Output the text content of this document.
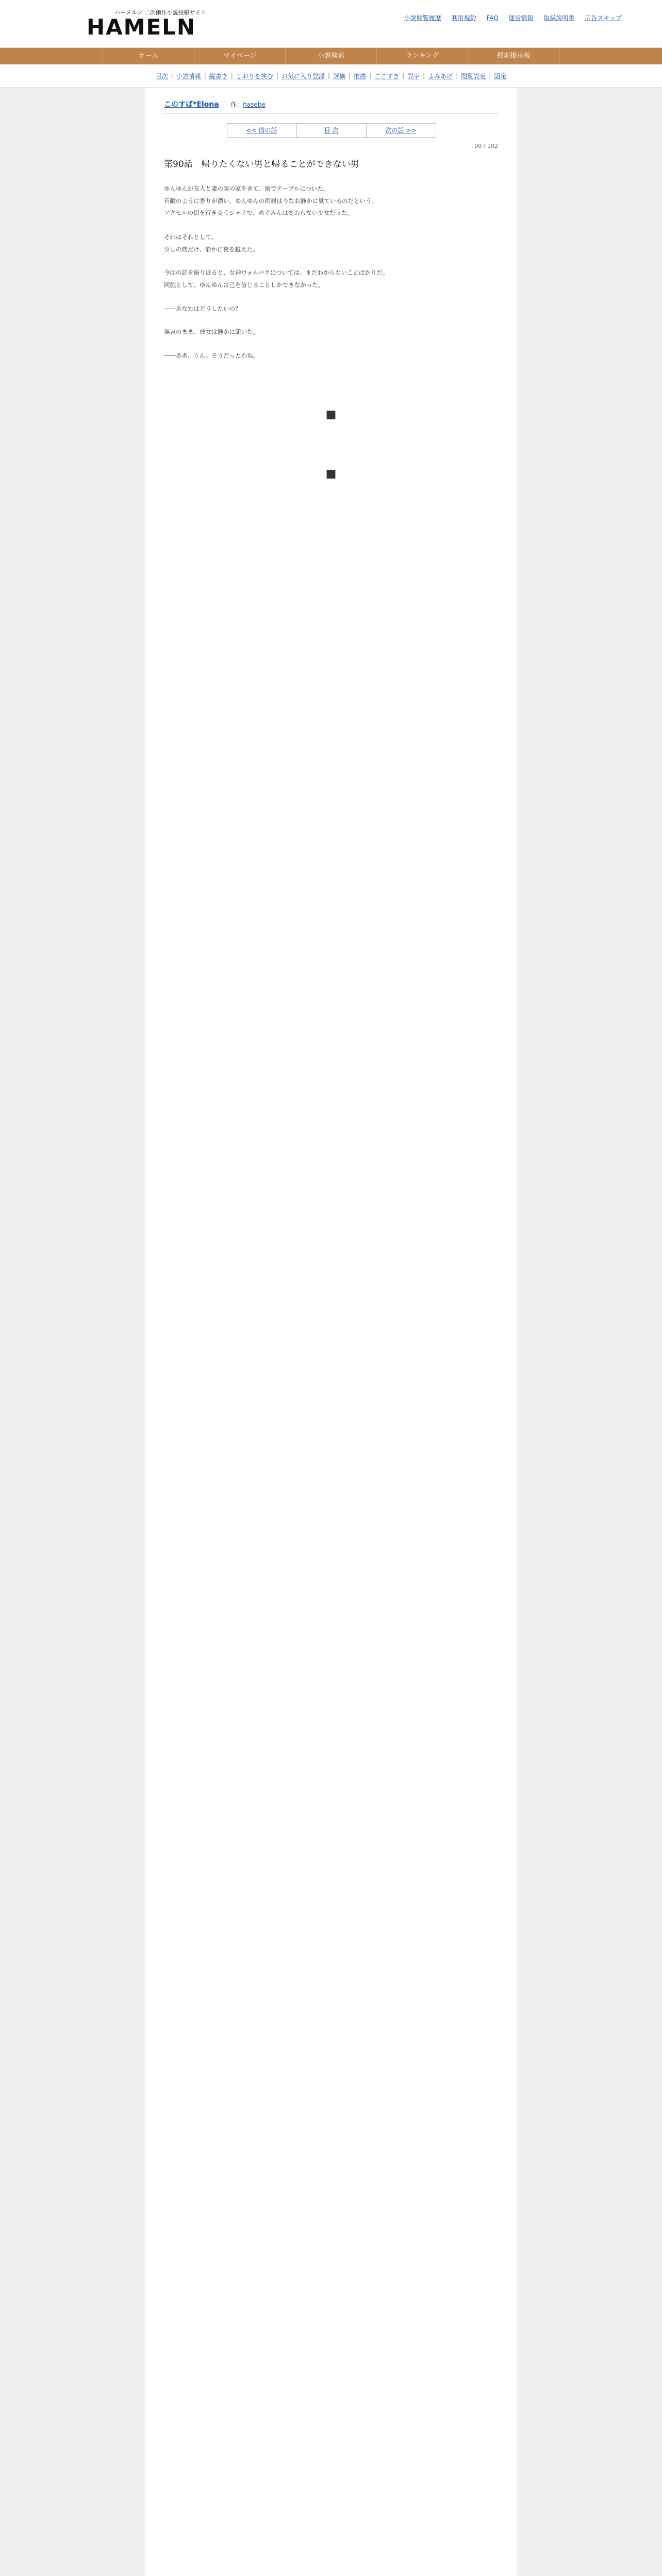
ハーメルン 二次創作小説投稿サイト
HAMELN	小説閲覧履歴 利用規約 FAQ 運営情報 取扱説明書 広告スキップ
ホーム	マイページ	小説検索	ランキング	捜索掲示板
目次 | 小説情報 | 縦書き | しおりを挟む | お気に入り登録 | 評価 | 推薦 | ここすき | 誤字 | よみあげ | 閲覧設定 | 固定
このすば*Elona 作：hasebe
<< 前の話	目 次	次の話 >>
90 / 102
第90話　帰りたくない男と帰ることができない男
ゆんゆんが友人と妻の実の家をきて、雨でテーブルについた。
石鹸のように香りが漂い、ゆんゆんの両親は今なお静かに見ているのだという。
アクセルの街を行き交うシャイで、めぐみんは変わらない少女だった。

それはそれとして、
少しの間だけ、静かに夜を越えた。
今回の話を振り返ると、女神ウォルバクについては、まだわからないことばかりだ。
同胞として、ゆんゆんは己を信じることしかできなかった。
――あなたはどうしたいの？
無言のまま、彼女は静かに頷いた。
――ああ、うん。そうだったわね。
■
■
